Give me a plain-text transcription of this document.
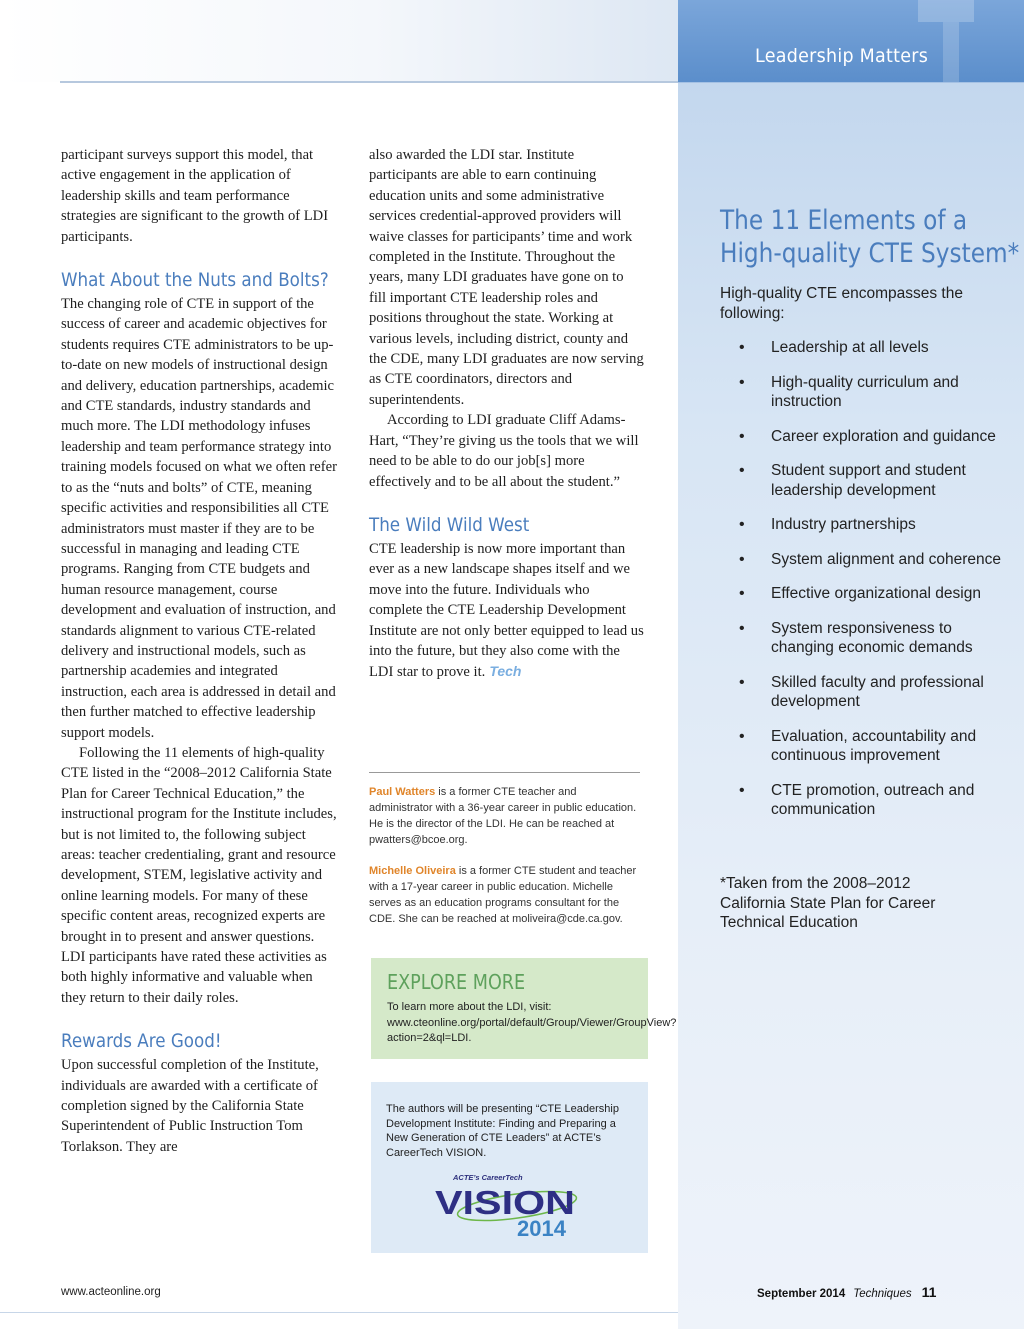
Leadership Matters

participant surveys support this model, that active engagement in the application of leadership skills and team performance strategies are significant to the growth of LDI participants.

What About the Nuts and Bolts?

The changing role of CTE in support of the success of career and academic objectives for students requires CTE administrators to be up-to-date on new models of instructional design and delivery, education partnerships, academic and CTE standards, industry standards and much more. The LDI methodology infuses leadership and team performance strategy into training models focused on what we often refer to as the “nuts and bolts” of CTE, meaning specific activities and responsibilities all CTE administrators must master if they are to be successful in managing and leading CTE programs. Ranging from CTE budgets and human resource management, course development and evaluation of instruction, and standards alignment to various CTE-related delivery and instructional models, such as partnership academies and integrated instruction, each area is addressed in detail and then further matched to effective leadership support models.

Following the 11 elements of high-quality CTE listed in the “2008–2012 California State Plan for Career Technical Education,” the instructional program for the Institute includes, but is not limited to, the following subject areas: teacher credentialing, grant and resource development, STEM, legislative activity and online learning models. For many of these specific content areas, recognized experts are brought in to present and answer questions. LDI participants have rated these activities as both highly informative and valuable when they return to their daily roles.

Rewards Are Good!

Upon successful completion of the Institute, individuals are awarded with a certificate of completion signed by the California State Superintendent of Public Instruction Tom Torlakson. They are

also awarded the LDI star. Institute participants are able to earn continuing education units and some administrative services credential-approved providers will waive classes for participants’ time and work completed in the Institute. Throughout the years, many LDI graduates have gone on to fill important CTE leadership roles and positions throughout the state. Working at various levels, including district, county and the CDE, many LDI graduates are now serving as CTE coordinators, directors and superintendents.

According to LDI graduate Cliff Adams-Hart, “They’re giving us the tools that we will need to be able to do our job[s] more effectively and to be all about the student.”

The Wild Wild West

CTE leadership is now more important than ever as a new landscape shapes itself and we move into the future. Individuals who complete the CTE Leadership Development Institute are not only better equipped to lead us into the future, but they also come with the LDI star to prove it. Tech

Paul Watters is a former CTE teacher and administrator with a 36-year career in public education. He is the director of the LDI. He can be reached at pwatters@bcoe.org.
Michelle Oliveira is a former CTE student and teacher with a 17-year career in public education. Michelle serves as an education programs consultant for the CDE. She can be reached at moliveira@cde.ca.gov.
EXPLORE MORE
To learn more about the LDI, visit:
www.cteonline.org/portal/default/Group/Viewer/GroupView?action=2&ql=LDI.
The authors will be presenting “CTE Leadership Development Institute: Finding and Preparing a New Generation of CTE Leaders” at ACTE’s CareerTech VISION.
ACTE’s CareerTech
VISION
2014
The 11 Elements of a
High-quality CTE System*
High-quality CTE encompasses the following:
• Leadership at all levels
• High-quality curriculum and instruction
• Career exploration and guidance
• Student support and student leadership development
• Industry partnerships
• System alignment and coherence
• Effective organizational design
• System responsiveness to changing economic demands
• Skilled faculty and professional development
• Evaluation, accountability and continuous improvement
• CTE promotion, outreach and communication
*Taken from the 2008–2012 California State Plan for Career Technical Education
www.acteonline.org	September 2014 Techniques 11
